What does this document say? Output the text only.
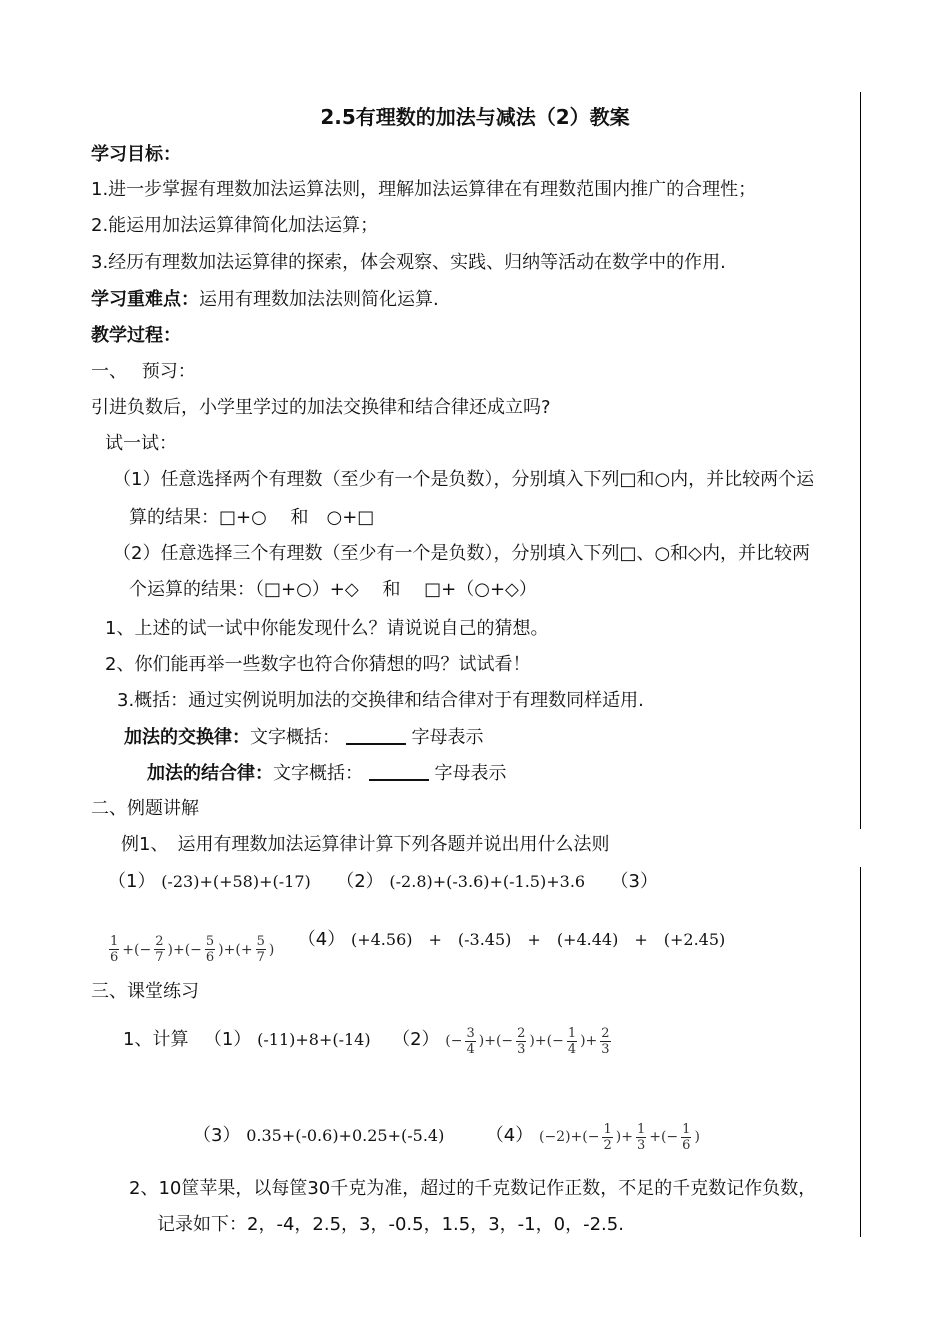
2.5有理数的加法与减法（2）教案
学习目标：
1.进一步掌握有理数加法运算法则，理解加法运算律在有理数范围内推广的合理性；
2.能运用加法运算律简化加法运算；
3.经历有理数加法运算律的探索，体会观察、实践、归纳等活动在数学中的作用.
学习重难点：运用有理数加法法则简化运算.
教学过程：
一、　 预习：
引进负数后，小学里学过的加法交换律和结合律还成立吗?
试一试：
（1）任意选择两个有理数（至少有一个是负数），分别填入下列□和○内，并比较两个运
算的结果：□+○　 和　○+□
（2）任意选择三个有理数（至少有一个是负数），分别填入下列□、○和◇内，并比较两
个运算的结果：（□+○）+◇　 和　 □+（○+◇）
1、上述的试一试中你能发现什么？请说说自己的猜想。
2、你们能再举一些数字也符合你猜想的吗？试试看！
3.概括：通过实例说明加法的交换律和结合律对于有理数同样适用.
加法的交换律：文字概括：	字母表示
加法的结合律：文字概括：	字母表示
二、例题讲解
例1、　运用有理数加法运算律计算下列各题并说出用什么法则
（1） (-23)+(+58)+(-17) （2） (-2.8)+(-3.6)+(-1.5)+3.6 （3）
$\frac{1}{6}$ +(− $\frac{2}{7}$ )+(− $\frac{5}{6}$ )+(+ $\frac{5}{7}$ ) （4） (+4.56)　+　(-3.45)　+　(+4.44)　+　(+2.45)
三、课堂练习
1、计算 （1） (-11)+8+(-14) （2） (− $\frac{3}{4}$ )+(− $\frac{2}{3}$ )+(− $\frac{1}{4}$ )+ $\frac{2}{3}$
（3） 0.35+(-0.6)+0.25+(-5.4) （4） $(-2)+(- \frac{1}{2}$ )+ $\frac{1}{3}$ +(− $\frac{1}{6}$ )
2、10筐苹果，以每筐30千克为准，超过的千克数记作正数，不足的千克数记作负数，
记录如下：2，-4，2.5，3，-0.5，1.5，3，-1，0，-2.5.
